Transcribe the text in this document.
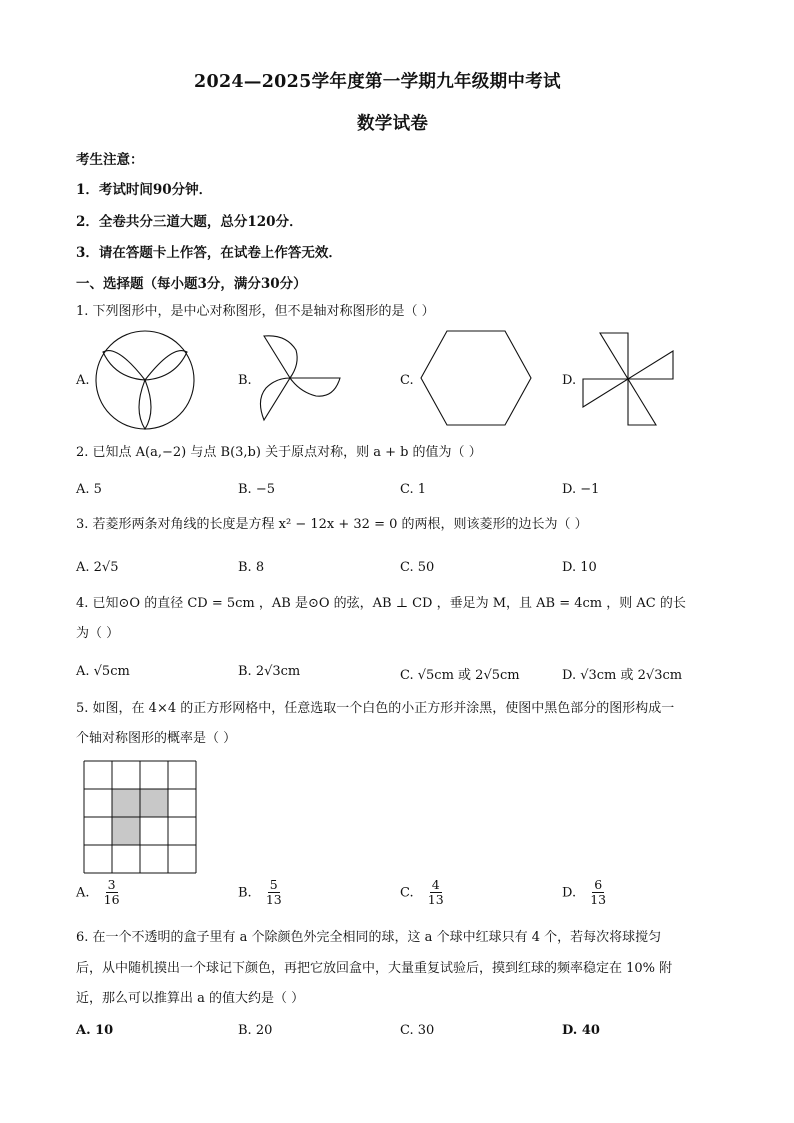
2024—2025学年度第一学期九年级期中考试
数学试卷
考生注意：
1．考试时间90分钟．
2．全卷共分三道大题，总分120分．
3．请在答题卡上作答，在试卷上作答无效．
一、选择题（每小题3分，满分30分）
1. 下列图形中，是中心对称图形，但不是轴对称图形的是（ ）
A.	B.	C.	D.
2. 已知点 A(a,−2) 与点 B(3,b) 关于原点对称，则 a + b 的值为（ ）
A. 5	B. −5	C. 1	D. −1
3. 若菱形两条对角线的长度是方程 x² − 12x + 32 = 0 的两根，则该菱形的边长为（ ）
A. 2√5	B. 8	C. 50	D. 10
4. 已知⊙O 的直径 CD = 5cm ，AB 是⊙O 的弦，AB ⊥ CD ，垂足为 M，且 AB = 4cm ，则 AC 的长
为（ ）
A. √5cm	B. 2√3cm	C. √5cm 或 2√5cm	D. √3cm 或 2√3cm
5. 如图，在 4×4 的正方形网格中，任意选取一个白色的小正方形并涂黑，使图中黑色部分的图形构成一
个轴对称图形的概率是（ ）
A. $\frac{3}{16}$	B. $\frac{5}{13}$	C. $\frac{4}{13}$	D. $\frac{6}{13}$
6. 在一个不透明的盒子里有 a 个除颜色外完全相同的球，这 a 个球中红球只有 4 个，若每次将球搅匀
后，从中随机摸出一个球记下颜色，再把它放回盒中，大量重复试验后，摸到红球的频率稳定在 10% 附
近，那么可以推算出 a 的值大约是（ ）
A. 10	B. 20	C. 30	D. 40
